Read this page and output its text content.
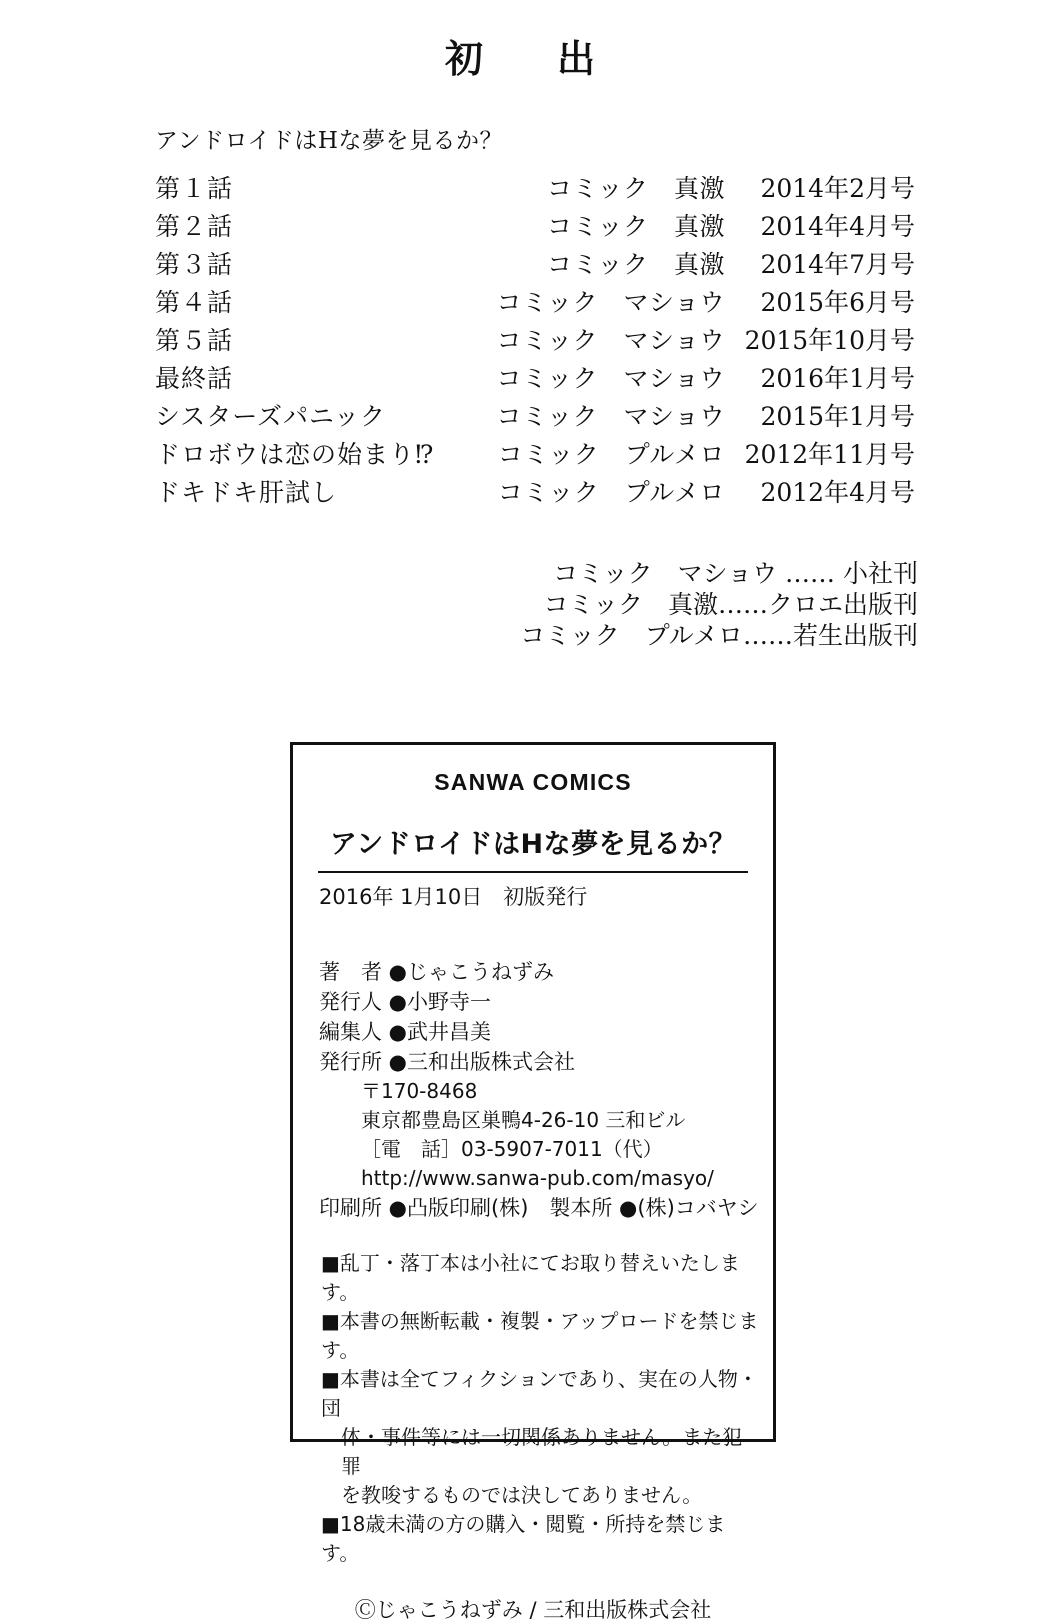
初　出
アンドロイドはHな夢を見るか？
第１話	コミック　真激	2014年2月号
第２話	コミック　真激	2014年4月号
第３話	コミック　真激	2014年7月号
第４話	コミック　マショウ	2015年6月号
第５話	コミック　マショウ 2015年10月号
最終話	コミック　マショウ	2016年1月号
シスターズパニック	コミック　マショウ	2015年1月号
ドロボウは恋の始まり⁉	コミック　プルメロ 2012年11月号
ドキドキ肝試し	コミック　プルメロ	2012年4月号
コミック　マショウ …… 小社刊
コミック　真激……クロエ出版刊
コミック　プルメロ……若生出版刊
SANWA COMICS
アンドロイドはHな夢を見るか？
2016年 1月10日　初版発行
著　者 ●じゃこうねずみ
発行人 ●小野寺一
編集人 ●武井昌美
発行所 ●三和出版株式会社
〒170-8468
東京都豊島区巣鴨4-26-10 三和ビル
［電　話］03-5907-7011（代）
http://www.sanwa-pub.com/masyo/
印刷所 ●凸版印刷(株)　製本所 ●(株)コバヤシ
■乱丁・落丁本は小社にてお取り替えいたします。
■本書の無断転載・複製・アップロードを禁じます。
■本書は全てフィクションであり、実在の人物・団
体・事件等には一切関係ありません。また犯罪
を教唆するものでは決してありません。
■18歳未満の方の購入・閲覧・所持を禁じます。
Ⓒじゃこうねずみ / 三和出版株式会社
